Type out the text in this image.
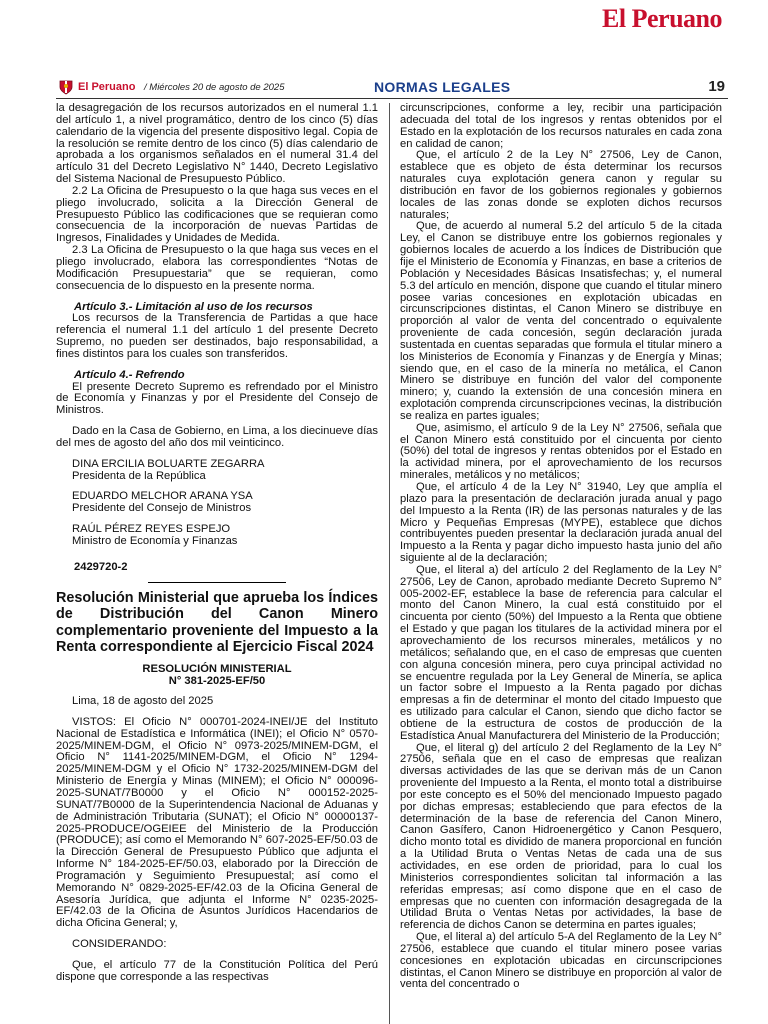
El Peruano
El Peruano / Miércoles 20 de agosto de 2025	NORMAS LEGALES	19

la desagregación de los recursos autorizados en el numeral 1.1 del artículo 1, a nivel programático, dentro de los cinco (5) días calendario de la vigencia del presente dispositivo legal. Copia de la resolución se remite dentro de los cinco (5) días calendario de aprobada a los organismos señalados en el numeral 31.4 del artículo 31 del Decreto Legislativo N° 1440, Decreto Legislativo del Sistema Nacional de Presupuesto Público.

2.2 La Oficina de Presupuesto o la que haga sus veces en el pliego involucrado, solicita a la Dirección General de Presupuesto Público las codificaciones que se requieran como consecuencia de la incorporación de nuevas Partidas de Ingresos, Finalidades y Unidades de Medida.

2.3 La Oficina de Presupuesto o la que haga sus veces en el pliego involucrado, elabora las correspondientes “Notas de Modificación Presupuestaria” que se requieran, como consecuencia de lo dispuesto en la presente norma.

Artículo 3.- Limitación al uso de los recursos

Los recursos de la Transferencia de Partidas a que hace referencia el numeral 1.1 del artículo 1 del presente Decreto Supremo, no pueden ser destinados, bajo responsabilidad, a fines distintos para los cuales son transferidos.

Artículo 4.- Refrendo

El presente Decreto Supremo es refrendado por el Ministro de Economía y Finanzas y por el Presidente del Consejo de Ministros.

Dado en la Casa de Gobierno, en Lima, a los diecinueve días del mes de agosto del año dos mil veinticinco.

DINA ERCILIA BOLUARTE ZEGARRA

Presidenta de la República

EDUARDO MELCHOR ARANA YSA

Presidente del Consejo de Ministros

RAÚL PÉREZ REYES ESPEJO

Ministro de Economía y Finanzas

2429720-2

Resolución Ministerial que aprueba los Índices de Distribución del Canon Minero complementario proveniente del Impuesto a la Renta correspondiente al Ejercicio Fiscal 2024

RESOLUCIÓN MINISTERIAL

N° 381-2025-EF/50

Lima, 18 de agosto del 2025

VISTOS: El Oficio N° 000701-2024-INEI/JE del Instituto Nacional de Estadística e Informática (INEI); el Oficio N° 0570-2025/MINEM-DGM, el Oficio N° 0973-2025/MINEM-DGM, el Oficio N° 1141-2025/MINEM-DGM, el Oficio N° 1294-2025/MINEM-DGM y el Oficio N° 1732-2025/MINEM-DGM del Ministerio de Energía y Minas (MINEM); el Oficio N° 000096-2025-SUNAT/7B0000 y el Oficio N° 000152-2025-SUNAT/7B0000 de la Superintendencia Nacional de Aduanas y de Administración Tributaria (SUNAT); el Oficio N° 00000137-2025-PRODUCE/OGEIEE del Ministerio de la Producción (PRODUCE); así como el Memorando N° 607-2025-EF/50.03 de la Dirección General de Presupuesto Público que adjunta el Informe N° 184-2025-EF/50.03, elaborado por la Dirección de Programación y Seguimiento Presupuestal; así como el Memorando N° 0829-2025-EF/42.03 de la Oficina General de Asesoría Jurídica, que adjunta el Informe N° 0235-2025-EF/42.03 de la Oficina de Asuntos Jurídicos Hacendarios de dicha Oficina General; y,

CONSIDERANDO:

Que, el artículo 77 de la Constitución Política del Perú dispone que corresponde a las respectivas

circunscripciones, conforme a ley, recibir una participación adecuada del total de los ingresos y rentas obtenidos por el Estado en la explotación de los recursos naturales en cada zona en calidad de canon;

Que, el artículo 2 de la Ley N° 27506, Ley de Canon, establece que es objeto de ésta determinar los recursos naturales cuya explotación genera canon y regular su distribución en favor de los gobiernos regionales y gobiernos locales de las zonas donde se exploten dichos recursos naturales;

Que, de acuerdo al numeral 5.2 del artículo 5 de la citada Ley, el Canon se distribuye entre los gobiernos regionales y gobiernos locales de acuerdo a los Índices de Distribución que fije el Ministerio de Economía y Finanzas, en base a criterios de Población y Necesidades Básicas Insatisfechas; y, el numeral 5.3 del artículo en mención, dispone que cuando el titular minero posee varias concesiones en explotación ubicadas en circunscripciones distintas, el Canon Minero se distribuye en proporción al valor de venta del concentrado o equivalente proveniente de cada concesión, según declaración jurada sustentada en cuentas separadas que formula el titular minero a los Ministerios de Economía y Finanzas y de Energía y Minas; siendo que, en el caso de la minería no metálica, el Canon Minero se distribuye en función del valor del componente minero; y, cuando la extensión de una concesión minera en explotación comprenda circunscripciones vecinas, la distribución se realiza en partes iguales;

Que, asimismo, el artículo 9 de la Ley N° 27506, señala que el Canon Minero está constituido por el cincuenta por ciento (50%) del total de ingresos y rentas obtenidos por el Estado en la actividad minera, por el aprovechamiento de los recursos minerales, metálicos y no metálicos;

Que, el artículo 4 de la Ley N° 31940, Ley que amplía el plazo para la presentación de declaración jurada anual y pago del Impuesto a la Renta (IR) de las personas naturales y de las Micro y Pequeñas Empresas (MYPE), establece que dichos contribuyentes pueden presentar la declaración jurada anual del Impuesto a la Renta y pagar dicho impuesto hasta junio del año siguiente al de la declaración;

Que, el literal a) del artículo 2 del Reglamento de la Ley N° 27506, Ley de Canon, aprobado mediante Decreto Supremo N° 005-2002-EF, establece la base de referencia para calcular el monto del Canon Minero, la cual está constituido por el cincuenta por ciento (50%) del Impuesto a la Renta que obtiene el Estado y que pagan los titulares de la actividad minera por el aprovechamiento de los recursos minerales, metálicos y no metálicos; señalando que, en el caso de empresas que cuenten con alguna concesión minera, pero cuya principal actividad no se encuentre regulada por la Ley General de Minería, se aplica un factor sobre el Impuesto a la Renta pagado por dichas empresas a fin de determinar el monto del citado Impuesto que es utilizado para calcular el Canon, siendo que dicho factor se obtiene de la estructura de costos de producción de la Estadística Anual Manufacturera del Ministerio de la Producción;

Que, el literal g) del artículo 2 del Reglamento de la Ley N° 27506, señala que en el caso de empresas que realizan diversas actividades de las que se derivan más de un Canon proveniente del Impuesto a la Renta, el monto total a distribuirse por este concepto es el 50% del mencionado Impuesto pagado por dichas empresas; estableciendo que para efectos de la determinación de la base de referencia del Canon Minero, Canon Gasífero, Canon Hidroenergético y Canon Pesquero, dicho monto total es dividido de manera proporcional en función a la Utilidad Bruta o Ventas Netas de cada una de sus actividades, en ese orden de prioridad, para lo cual los Ministerios correspondientes solicitan tal información a las referidas empresas; así como dispone que en el caso de empresas que no cuenten con información desagregada de la Utilidad Bruta o Ventas Netas por actividades, la base de referencia de dichos Canon se determina en partes iguales;

Que, el literal a) del artículo 5-A del Reglamento de la Ley N° 27506, establece que cuando el titular minero posee varias concesiones en explotación ubicadas en circunscripciones distintas, el Canon Minero se distribuye en proporción al valor de venta del concentrado o
